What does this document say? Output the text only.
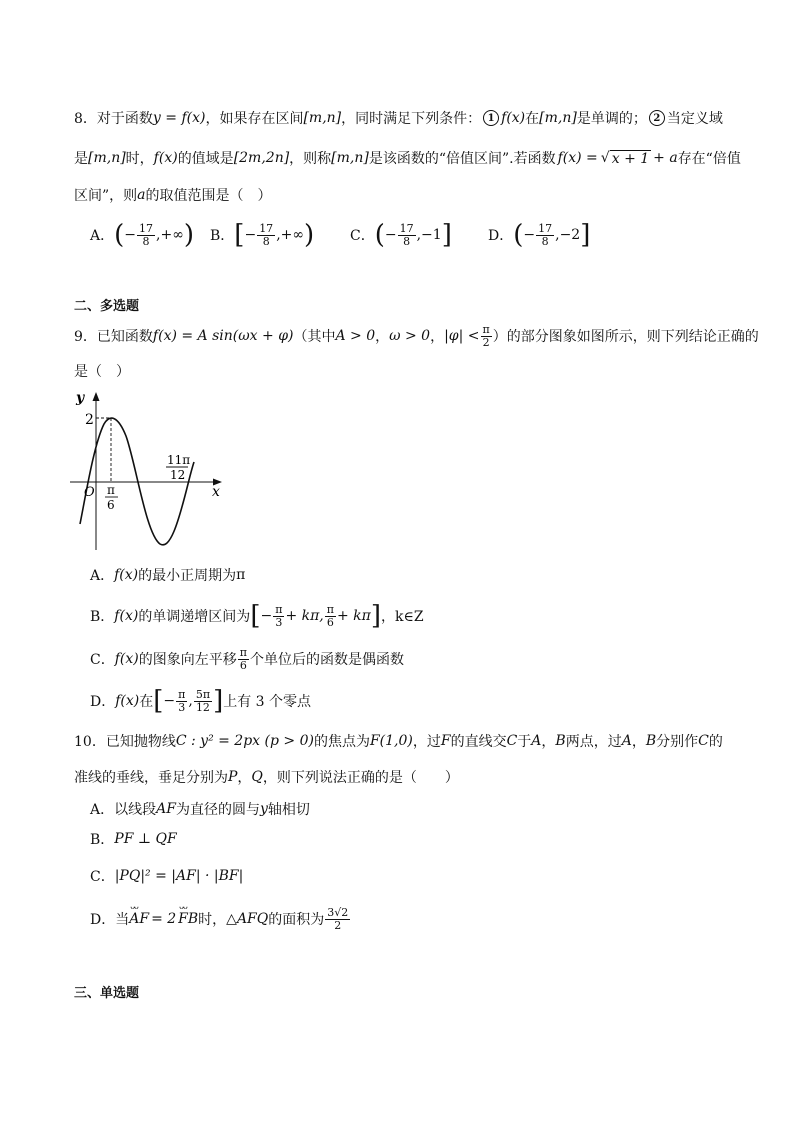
8．对于函数 y = f(x) ，如果存在区间 [m,n] ，同时满足下列条件： 1 f(x) 在 [m,n] 是单调的； 2 当定义域
是 [m,n] 时， f(x) 的值域是 [2m,2n] ，则称 [m,n] 是该函数的“倍值区间”.若函数 f(x) = √ x + 1 + a 存在“倍值
区间”，则 a 的取值范围是（　）
A． ( − $\frac{17}{8}$ ,+∞ ) B． [ − $\frac{17}{8}$ ,+∞ )	C． ( − $\frac{17}{8} ,-1$ ]	D． ( − $\frac{17}{8} ,-2$ ]
二、多选题
9．已知函数 f(x) = A sin(ωx + φ) （其中 A > 0 ， ω > 0 ， $|\varphi| < \frac{\pi}{2}$ ）的部分图象如图所示，则下列结论正确的
是（　）
y
2
O	x
π
6
11π
12
A． f(x) 的最小正周期为 π
B． f(x) 的单调递增区间为 [ − $\frac{\pi}{3} + k\pi$, $\frac{\pi}{6} + k\pi$ ] ，k∈Z
C． f(x) 的图象向左平移 $\frac{\pi}{6}$ 个单位后的函数是偶函数
D． f(x) 在 [ − $\frac{\pi}{3}$ , $\frac{5\pi}{12}$ ] 上有 3 个零点
10．已知抛物线 C : y² = 2px (p > 0) 的焦点为 F(1,0) ，过 F 的直线交 C 于 A ， B 两点，过 A ， B 分别作 C 的
准线的垂线，垂足分别为 P ， Q ，则下列说法正确的是（　　）
A． 以线段 AF 为直径的圆与 y 轴相切
B． PF ⊥ QF
C． |PQ|² = |AF| · |BF|
D． 当 ᴗᴗ AF = 2 ᴗᴗ FB 时， △AFQ 的面积为 $\frac{3√2}{2}$
三、单选题
